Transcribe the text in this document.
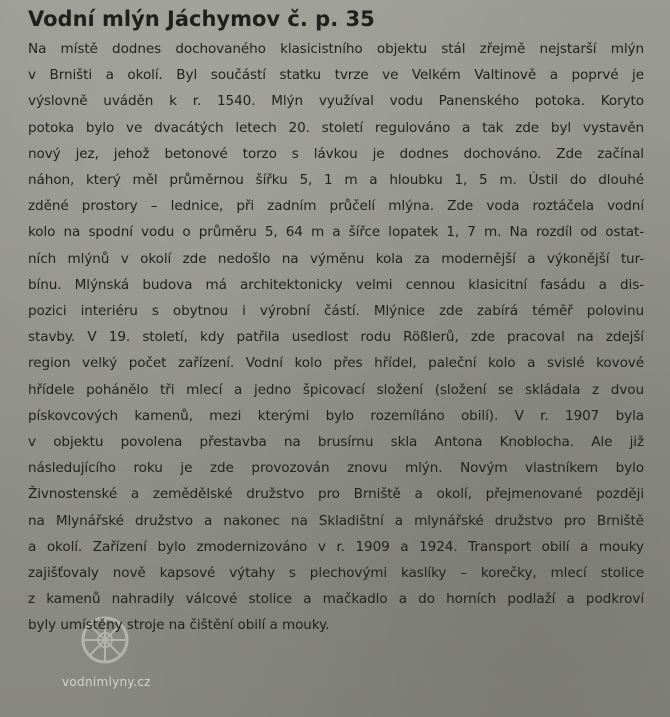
Vodní mlýn Jáchymov č. p. 35
Na místě dodnes dochovaného klasicistního objektu stál zřejmě nejstarší mlýn
v Brništi a okolí. Byl součástí statku tvrze ve Velkém Valtinově a poprvé je
výslovně uváděn k r. 1540. Mlýn využíval vodu Panenského potoka. Koryto
potoka bylo ve dvacátých letech 20. století regulováno a tak zde byl vystavěn
nový jez, jehož betonové torzo s lávkou je dodnes dochováno. Zde začínal
náhon, který měl průměrnou šířku 5, 1 m a hloubku 1, 5 m. Ústil do dlouhé
zděné prostory – lednice, při zadním průčelí mlýna. Zde voda roztáčela vodní
kolo na spodní vodu o průměru 5, 64 m a šířce lopatek 1, 7 m. Na rozdíl od ostat-
ních mlýnů v okolí zde nedošlo na výměnu kola za modernější a výkonější tur-
bínu. Mlýnská budova má architektonicky velmi cennou klasicitní fasádu a dis-
pozici interiéru s obytnou i výrobní částí. Mlýnice zde zabírá téměř polovinu
stavby. V 19. století, kdy patřila usedlost rodu Rößlerů, zde pracoval na zdejší
region velký počet zařízení. Vodní kolo přes hřídel, paleční kolo a svislé kovové
hřídele pohánělo tři mlecí a jedno špicovací složení (složení se skládala z dvou
pískovcových kamenů, mezi kterými bylo rozemíláno obilí). V r. 1907 byla
v objektu povolena přestavba na brusírnu skla Antona Knoblocha. Ale již
následujícího roku je zde provozován znovu mlýn. Novým vlastníkem bylo
Živnostenské a zemědělské družstvo pro Brniště a okolí, přejmenované později
na Mlynářské družstvo a nakonec na Skladištní a mlynářské družstvo pro Brniště
a okolí. Zařízení bylo zmodernizováno v r. 1909 a 1924. Transport obilí a mouky
zajišťovaly nově kapsové výtahy s plechovými kaslíky – korečky, mlecí stolice
z kamenů nahradily válcové stolice a mačkadlo a do horních podlaží a podkroví
byly umístěny stroje na čištění obilí a mouky.
vodnimlyny.cz
